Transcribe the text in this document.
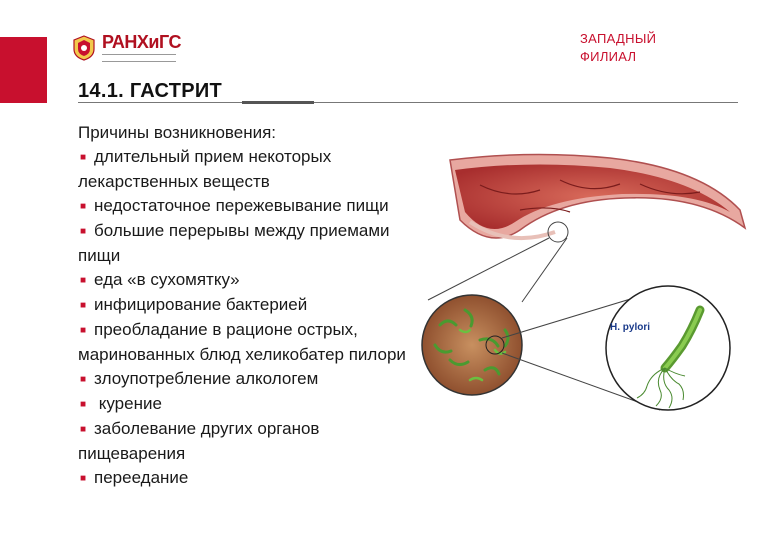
РАНХиГС	ЗАПАДНЫЙ
ФИЛИАЛ
14.1. ГАСТРИТ
Причины возникновения:
■ длительный прием некоторых лекарственных веществ
■ недостаточное пережевывание пищи
■ большие перерывы между приемами пищи
■ еда «в сухомятку»
■ инфицирование бактерией
■ преобладание в рационе острых, маринованных блюд хеликобатер пилори
■ злоупотребление алкологем
■ курение
■ заболевание других органов пищеварения
■ переедание
H. pylori
